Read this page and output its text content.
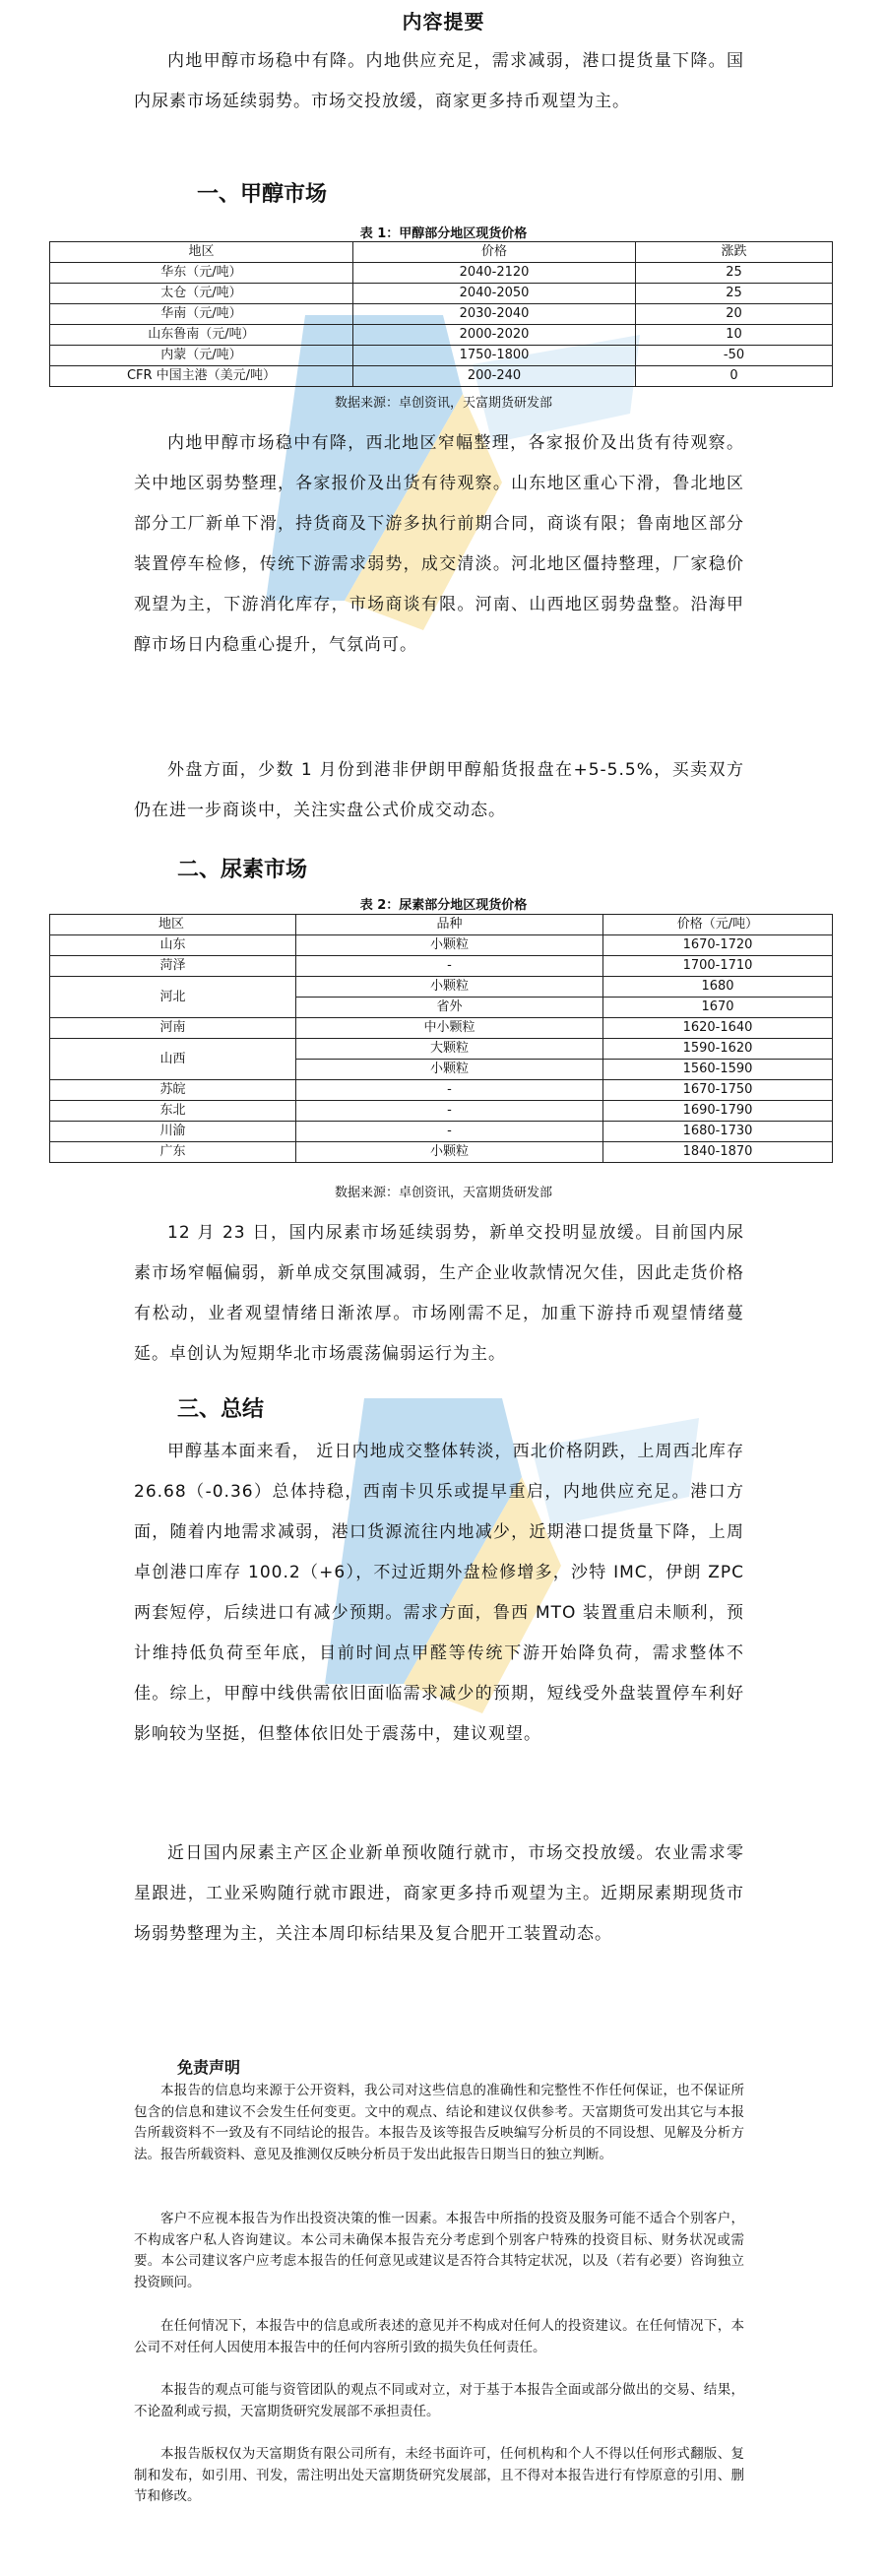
内容提要
内地甲醇市场稳中有降。内地供应充足，需求减弱，港口提货量下降。国内尿素市场延续弱势。市场交投放缓，商家更多持币观望为主。
一、甲醇市场
表 1：甲醇部分地区现货价格
地区	价格	涨跌
华东（元/吨）	2040-2120	25
太仓（元/吨）	2040-2050	25
华南（元/吨）	2030-2040	20
山东鲁南（元/吨）	2000-2020	10
内蒙（元/吨）	1750-1800	-50
CFR 中国主港（美元/吨）	200-240	0
数据来源：卓创资讯，天富期货研发部
内地甲醇市场稳中有降，西北地区窄幅整理，各家报价及出货有待观察。关中地区弱势整理，各家报价及出货有待观察。山东地区重心下滑，鲁北地区部分工厂新单下滑，持货商及下游多执行前期合同，商谈有限；鲁南地区部分装置停车检修，传统下游需求弱势，成交清淡。河北地区僵持整理，厂家稳价观望为主，下游消化库存，市场商谈有限。河南、山西地区弱势盘整。沿海甲醇市场日内稳重心提升，气氛尚可。
外盘方面，少数 1 月份到港非伊朗甲醇船货报盘在+5-5.5%，买卖双方仍在进一步商谈中，关注实盘公式价成交动态。
二、尿素市场
表 2：尿素部分地区现货价格
地区	品种	价格（元/吨）
山东	小颗粒	1670-1720
菏泽	-	1700-1710
河北	小颗粒	1680
	省外	1670
河南	中小颗粒	1620-1640
山西	大颗粒	1590-1620
	小颗粒	1560-1590
苏皖	-	1670-1750
东北	-	1690-1790
川渝	-	1680-1730
广东	小颗粒	1840-1870
数据来源：卓创资讯，天富期货研发部
12 月 23 日，国内尿素市场延续弱势，新单交投明显放缓。目前国内尿素市场窄幅偏弱，新单成交氛围减弱，生产企业收款情况欠佳，因此走货价格有松动，业者观望情绪日渐浓厚。市场刚需不足，加重下游持币观望情绪蔓延。卓创认为短期华北市场震荡偏弱运行为主。
三、总结
甲醇基本面来看， 近日内地成交整体转淡，西北价格阴跌，上周西北库存 26.68（-0.36）总体持稳，西南卡贝乐或提早重启，内地供应充足。港口方面，随着内地需求减弱，港口货源流往内地减少，近期港口提货量下降，上周卓创港口库存 100.2（+6），不过近期外盘检修增多，沙特 IMC，伊朗 ZPC 两套短停，后续进口有减少预期。需求方面，鲁西 MTO 装置重启未顺利，预计维持低负荷至年底，目前时间点甲醛等传统下游开始降负荷，需求整体不佳。综上，甲醇中线供需依旧面临需求减少的预期，短线受外盘装置停车利好影响较为坚挺，但整体依旧处于震荡中，建议观望。
近日国内尿素主产区企业新单预收随行就市，市场交投放缓。农业需求零星跟进，工业采购随行就市跟进，商家更多持币观望为主。近期尿素期现货市场弱势整理为主，关注本周印标结果及复合肥开工装置动态。
免责声明
本报告的信息均来源于公开资料，我公司对这些信息的准确性和完整性不作任何保证，也不保证所包含的信息和建议不会发生任何变更。文中的观点、结论和建议仅供参考。天富期货可发出其它与本报告所载资料不一致及有不同结论的报告。本报告及该等报告反映编写分析员的不同设想、见解及分析方法。报告所载资料、意见及推测仅反映分析员于发出此报告日期当日的独立判断。
客户不应视本报告为作出投资决策的惟一因素。本报告中所指的投资及服务可能不适合个别客户，不构成客户私人咨询建议。本公司未确保本报告充分考虑到个别客户特殊的投资目标、财务状况或需要。本公司建议客户应考虑本报告的任何意见或建议是否符合其特定状况，以及（若有必要）咨询独立投资顾问。
在任何情况下，本报告中的信息或所表述的意见并不构成对任何人的投资建议。在任何情况下，本公司不对任何人因使用本报告中的任何内容所引致的损失负任何责任。
本报告的观点可能与资管团队的观点不同或对立，对于基于本报告全面或部分做出的交易、结果，不论盈利或亏损，天富期货研究发展部不承担责任。
本报告版权仅为天富期货有限公司所有，未经书面许可，任何机构和个人不得以任何形式翻版、复制和发布，如引用、刊发，需注明出处天富期货研究发展部，且不得对本报告进行有悖原意的引用、删节和修改。
